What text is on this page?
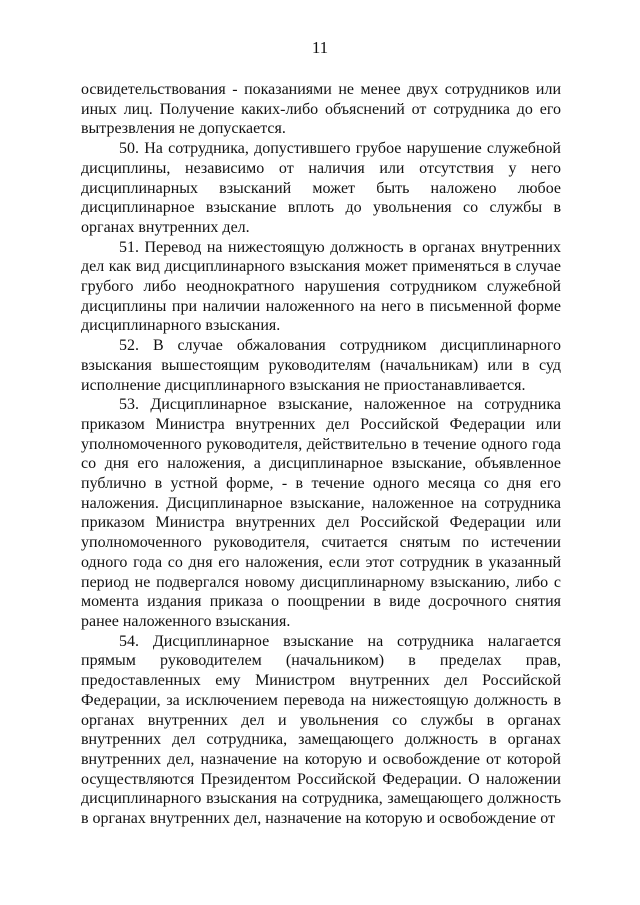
11

освидетельствования - показаниями не менее двух сотрудников или иных лиц. Получение каких-либо объяснений от сотрудника до его вытрезвления не допускается.

50. На сотрудника, допустившего грубое нарушение служебной дисциплины, независимо от наличия или отсутствия у него дисциплинарных взысканий может быть наложено любое дисциплинарное взыскание вплоть до увольнения со службы в органах внутренних дел.

51. Перевод на нижестоящую должность в органах внутренних дел как вид дисциплинарного взыскания может применяться в случае грубого либо неоднократного нарушения сотрудником служебной дисциплины при наличии наложенного на него в письменной форме дисциплинарного взыскания.

52. В случае обжалования сотрудником дисциплинарного взыскания вышестоящим руководителям (начальникам) или в суд исполнение дисциплинарного взыскания не приостанавливается.

53. Дисциплинарное взыскание, наложенное на сотрудника приказом Министра внутренних дел Российской Федерации или уполномоченного руководителя, действительно в течение одного года со дня его наложения, а дисциплинарное взыскание, объявленное публично в устной форме, - в течение одного месяца со дня его наложения. Дисциплинарное взыскание, наложенное на сотрудника приказом Министра внутренних дел Российской Федерации или уполномоченного руководителя, считается снятым по истечении одного года со дня его наложения, если этот сотрудник в указанный период не подвергался новому дисциплинарному взысканию, либо с момента издания приказа о поощрении в виде досрочного снятия ранее наложенного взыскания.

54. Дисциплинарное взыскание на сотрудника налагается прямым руководителем (начальником) в пределах прав, предоставленных ему Министром внутренних дел Российской Федерации, за исключением перевода на нижестоящую должность в органах внутренних дел и увольнения со службы в органах внутренних дел сотрудника, замещающего должность в органах внутренних дел, назначение на которую и освобождение от которой осуществляются Президентом Российской Федерации. О наложении дисциплинарного взыскания на сотрудника, замещающего должность в органах внутренних дел, назначение на которую и освобождение от
